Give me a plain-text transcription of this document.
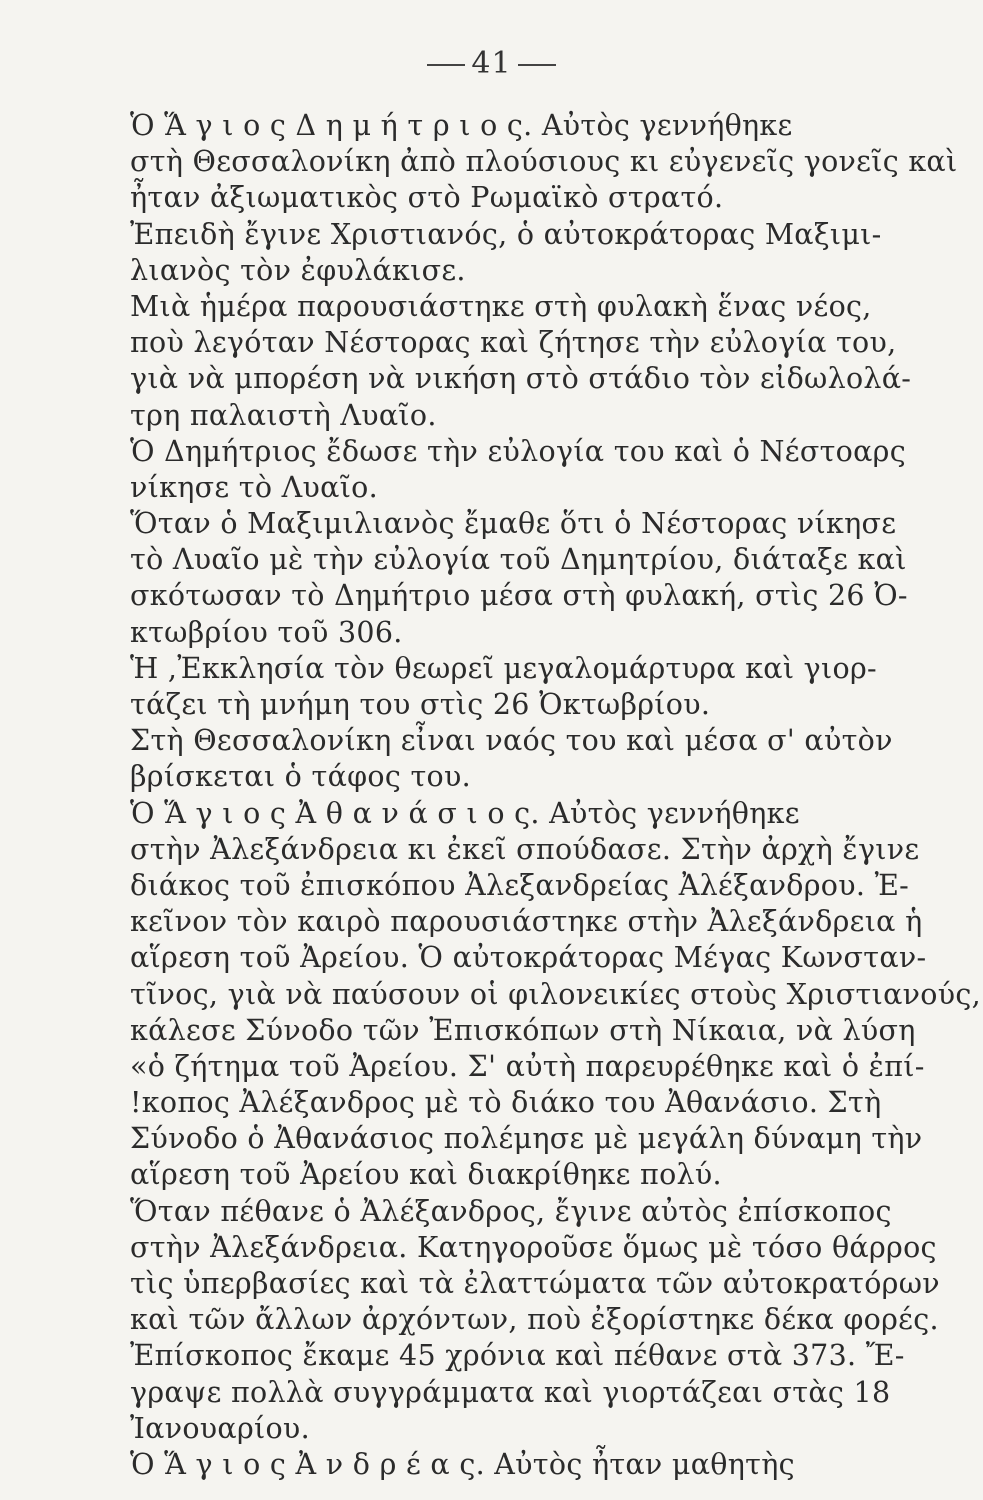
41
Ὁ Ἅ γ ι ο ς Δ η μ ή τ ρ ι ο ς. Αὐτὸς γεννήθηκε
στὴ Θεσσαλονίκη ἀπὸ πλούσιους κι εὐγενεῖς γονεῖς καὶ
ἦταν ἀξιωματικὸς στὸ Ρωμαϊκὸ στρατό.
Ἐπειδὴ ἔγινε Χριστιανός, ὁ αὐτοκράτορας Μαξιμι-
λιανὸς τὸν ἐφυλάκισε.
Μιὰ ἡμέρα παρουσιάστηκε στὴ φυλακὴ ἕνας νέος,
ποὺ λεγόταν Νέστορας καὶ ζήτησε τὴν εὐλογία του,
γιὰ νὰ μπορέση νὰ νικήση στὸ στάδιο τὸν εἰδωλολά-
τρη παλαιστὴ Λυαῖο.
Ὁ Δημήτριος ἔδωσε τὴν εὐλογία του καὶ ὁ Νέστοαρς
νίκησε τὸ Λυαῖο.
Ὅταν ὁ Μαξιμιλιανὸς ἔμαθε ὅτι ὁ Νέστορας νίκησε
τὸ Λυαῖο μὲ τὴν εὐλογία τοῦ Δημητρίου, διάταξε καὶ
σκότωσαν τὸ Δημήτριο μέσα στὴ φυλακή, στὶς 26 Ὀ-
κτωβρίου τοῦ 306.
Ἡ ,Ἐκκλησία τὸν θεωρεῖ μεγαλομάρτυρα καὶ γιορ-
τάζει τὴ μνήμη του στὶς 26 Ὀκτωβρίου.
Στὴ Θεσσαλονίκη εἶναι ναός του καὶ μέσα σ' αὐτὸν
βρίσκεται ὁ τάφος του.
Ὁ Ἅ γ ι ο ς Ἀ θ α ν ά σ ι ο ς. Αὐτὸς γεννήθηκε
στὴν Ἀλεξάνδρεια κι ἐκεῖ σπούδασε. Στὴν ἀρχὴ ἔγινε
διάκος τοῦ ἐπισκόπου Ἀλεξανδρείας Ἀλέξανδρου. Ἐ-
κεῖνον τὸν καιρὸ παρουσιάστηκε στὴν Ἀλεξάνδρεια ἡ
αἵρεση τοῦ Ἀρείου. Ὁ αὐτοκράτορας Μέγας Κωνσταν-
τῖνος, γιὰ νὰ παύσουν οἱ φιλονεικίες στοὺς Χριστιανούς,
κάλεσε Σύνοδο τῶν Ἐπισκόπων στὴ Νίκαια, νὰ λύση
«ὁ ζήτημα τοῦ Ἀρείου. Σ' αὐτὴ παρευρέθηκε καὶ ὁ ἐπί-
!κοπος Ἀλέξανδρος μὲ τὸ διάκο του Ἀθανάσιο. Στὴ
Σύνοδο ὁ Ἀθανάσιος πολέμησε μὲ μεγάλη δύναμη τὴν
αἵρεση τοῦ Ἀρείου καὶ διακρίθηκε πολύ.
Ὅταν πέθανε ὁ Ἀλέξανδρος, ἔγινε αὐτὸς ἐπίσκοπος
στὴν Ἀλεξάνδρεια. Κατηγοροῦσε ὅμως μὲ τόσο θάρρος
τὶς ὑπερβασίες καὶ τὰ ἐλαττώματα τῶν αὐτοκρατόρων
καὶ τῶν ἄλλων ἀρχόντων, ποὺ ἐξορίστηκε δέκα φορές.
Ἐπίσκοπος ἔκαμε 45 χρόνια καὶ πέθανε στὰ 373. Ἔ-
γραψε πολλὰ συγγράμματα καὶ γιορτάζεαι στὰς 18
Ἰανουαρίου.
Ὁ Ἅ γ ι ο ς Ἀ ν δ ρ έ α ς. Αὐτὸς ἦταν μαθητὴς
